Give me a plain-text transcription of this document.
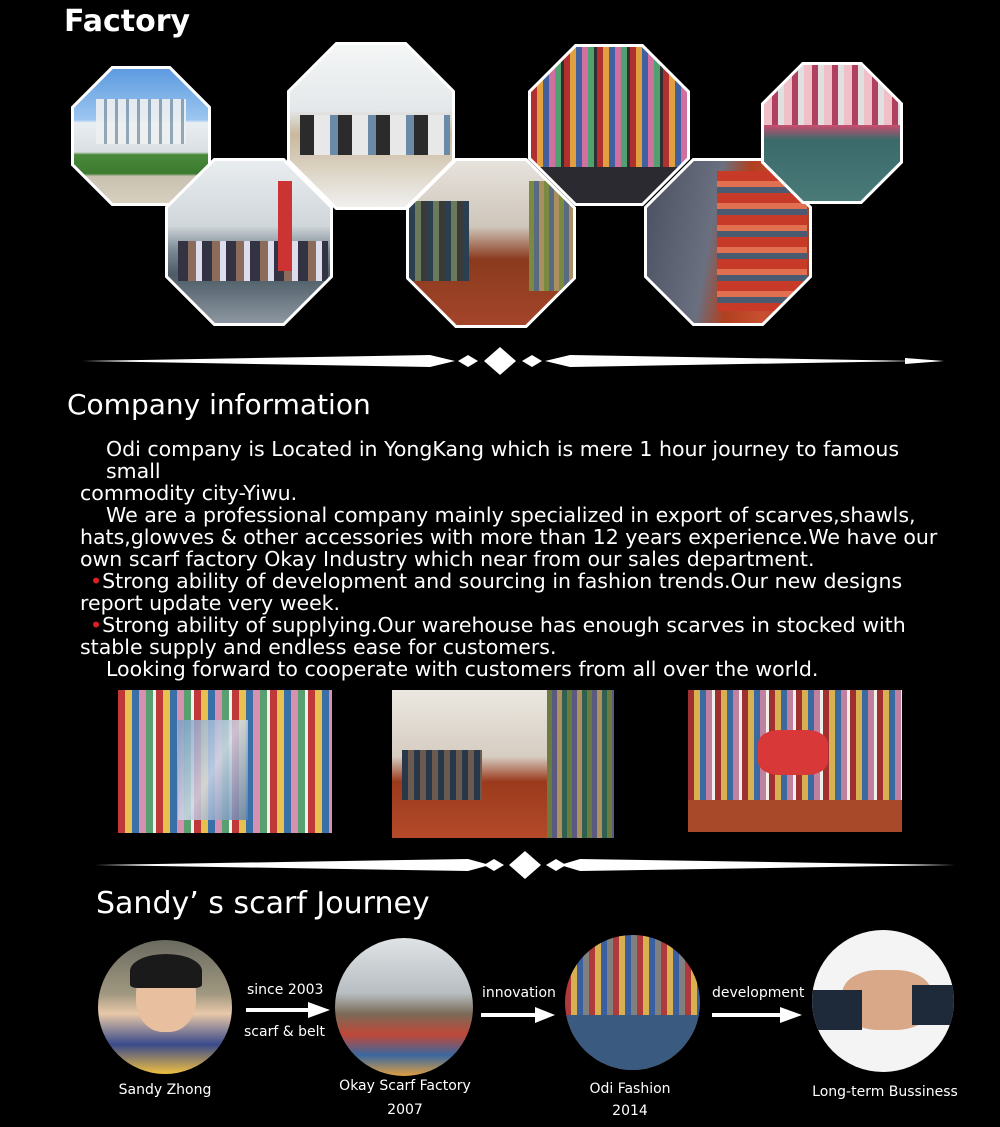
Factory
Company information

Odi company is Located in YongKang which is mere 1 hour journey to famous small

commodity city-Yiwu.

We are a professional company mainly specialized in export of scarves,shawls,

hats,glowves & other accessories with more than 12 years experience.We have our

own scarf factory Okay Industry which near from our sales department.

•Strong ability of development and sourcing in fashion trends.Our new designs

report update very week.

•Strong ability of supplying.Our warehouse has enough scarves in stocked with

stable supply and endless ease for customers.

Looking forward to cooperate with customers from all over the world.

Sandy’ s scarf Journey
since 2003
scarf & belt
innovation	development
Sandy Zhong	Okay Scarf Factory
2007
Odi Fashion
2014
Long-term Bussiness
